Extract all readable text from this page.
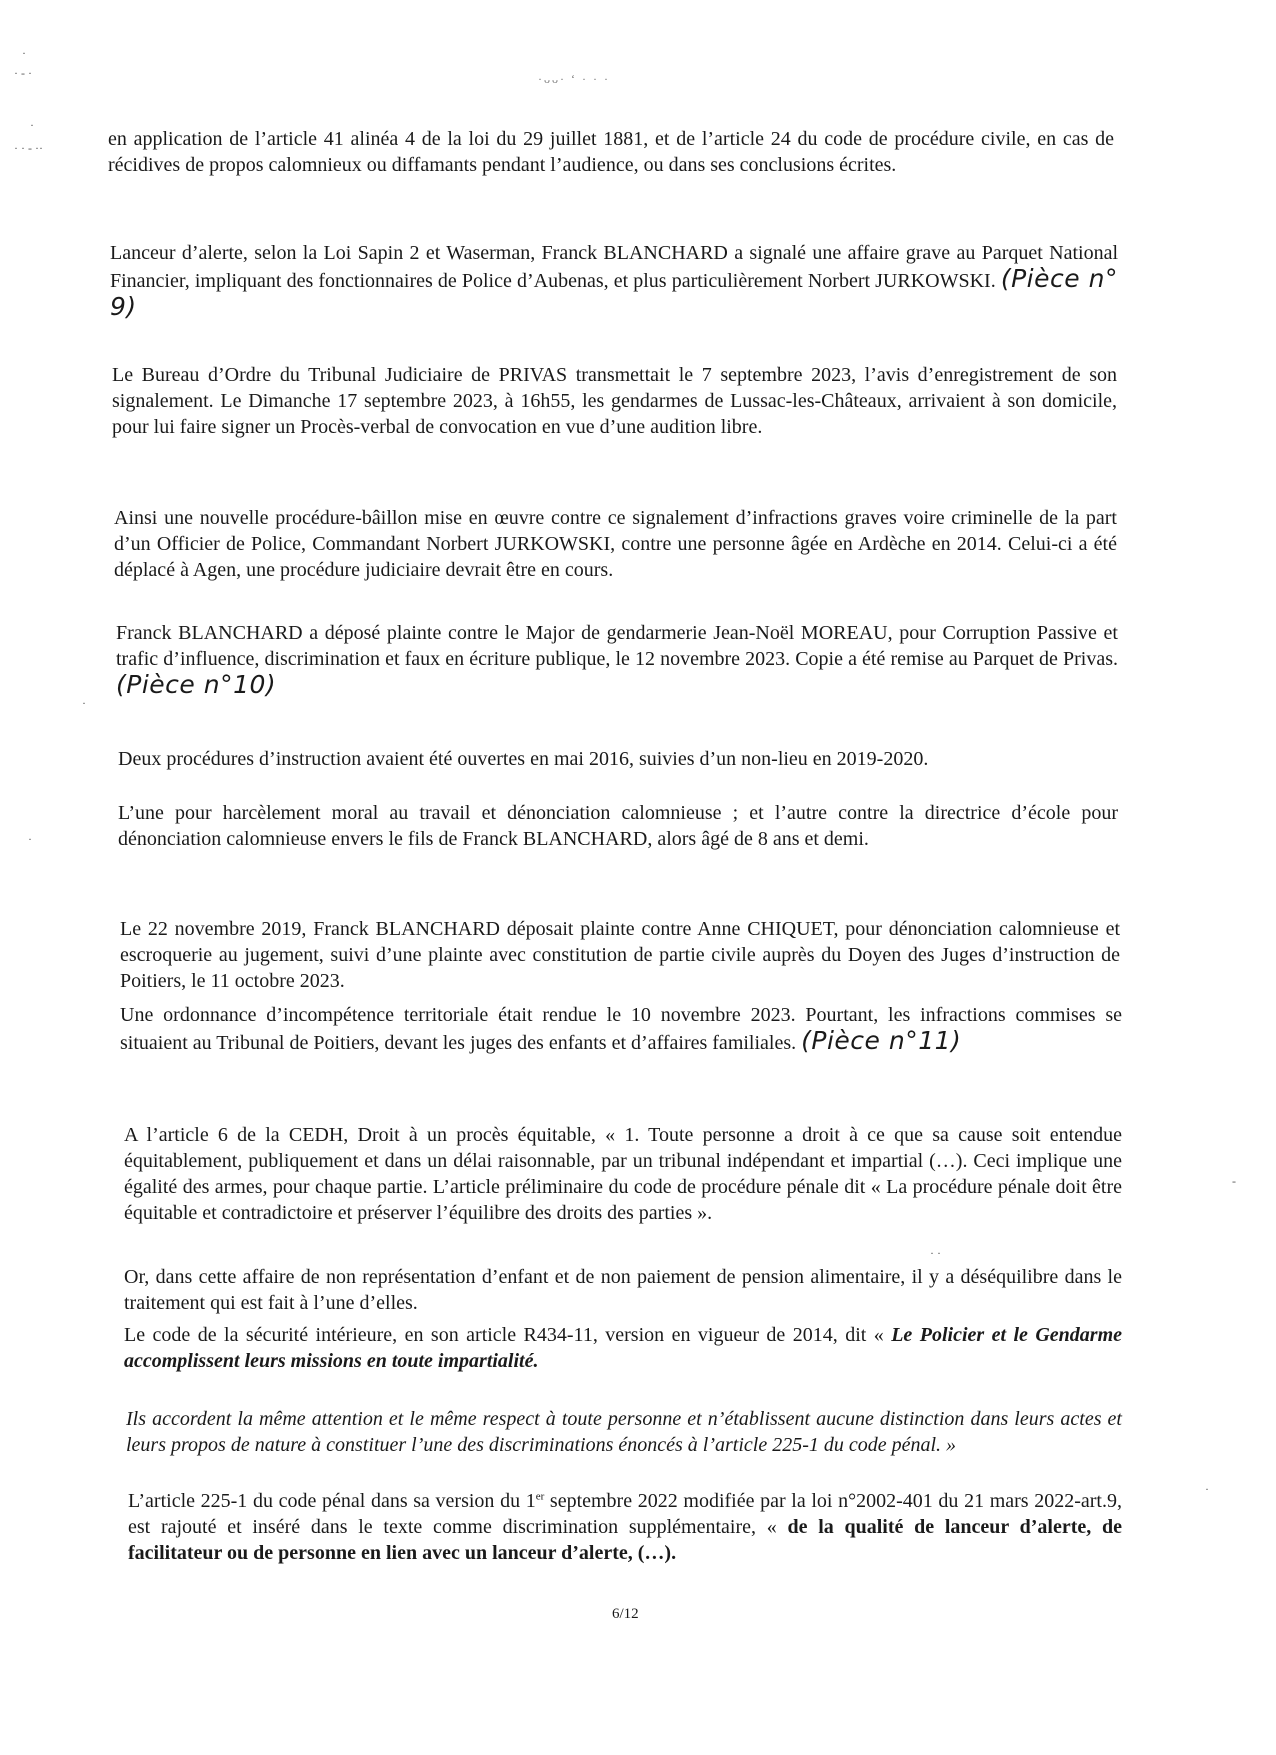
·ᴗᴗ· ‘ · · ·
·
· ‑ ·
·
· · ‑ ··
·
·
‑
·
· ·

en application de l’article 41 alinéa 4 de la loi du 29 juillet 1881, et de l’article 24 du code de procédure civile, en cas de récidives de propos calomnieux ou diffamants pendant l’audience, ou dans ses conclusions écrites.

Lanceur d’alerte, selon la Loi Sapin 2 et Waserman, Franck BLANCHARD a signalé une affaire grave au Parquet National Financier, impliquant des fonctionnaires de Police d’Aubenas, et plus particulièrement Norbert JURKOWSKI. (Pièce n° 9)

Le Bureau d’Ordre du Tribunal Judiciaire de PRIVAS transmettait le 7 septembre 2023, l’avis d’enregistrement de son signalement. Le Dimanche 17 septembre 2023, à 16h55, les gendarmes de Lussac-les-Châteaux, arrivaient à son domicile, pour lui faire signer un Procès-verbal de convocation en vue d’une audition libre.

Ainsi une nouvelle procédure-bâillon mise en œuvre contre ce signalement d’infractions graves voire criminelle de la part d’un Officier de Police, Commandant Norbert JURKOWSKI, contre une personne âgée en Ardèche en 2014. Celui-ci a été déplacé à Agen, une procédure judiciaire devrait être en cours.

Franck BLANCHARD a déposé plainte contre le Major de gendarmerie Jean-Noël MOREAU, pour Corruption Passive et trafic d’influence, discrimination et faux en écriture publique, le 12 novembre 2023. Copie a été remise au Parquet de Privas. (Pièce n°10)

Deux procédures d’instruction avaient été ouvertes en mai 2016, suivies d’un non-lieu en 2019-2020.

L’une pour harcèlement moral au travail et dénonciation calomnieuse ; et l’autre contre la directrice d’école pour dénonciation calomnieuse envers le fils de Franck BLANCHARD, alors âgé de 8 ans et demi.

Le 22 novembre 2019, Franck BLANCHARD déposait plainte contre Anne CHIQUET, pour dénonciation calomnieuse et escroquerie au jugement, suivi d’une plainte avec constitution de partie civile auprès du Doyen des Juges d’instruction de Poitiers, le 11 octobre 2023.

Une ordonnance d’incompétence territoriale était rendue le 10 novembre 2023. Pourtant, les infractions commises se situaient au Tribunal de Poitiers, devant les juges des enfants et d’affaires familiales. (Pièce n°11)

A l’article 6 de la CEDH, Droit à un procès équitable, « 1. Toute personne a droit à ce que sa cause soit entendue équitablement, publiquement et dans un délai raisonnable, par un tribunal indépendant et impartial (…). Ceci implique une égalité des armes, pour chaque partie. L’article préliminaire du code de procédure pénale dit « La procédure pénale doit être équitable et contradictoire et préserver l’équilibre des droits des parties ».

Or, dans cette affaire de non représentation d’enfant et de non paiement de pension alimentaire, il y a déséquilibre dans le traitement qui est fait à l’une d’elles.

Le code de la sécurité intérieure, en son article R434-11, version en vigueur de 2014, dit « Le Policier et le Gendarme accomplissent leurs missions en toute impartialité.

Ils accordent la même attention et le même respect à toute personne et n’établissent aucune distinction dans leurs actes et leurs propos de nature à constituer l’une des discriminations énoncés à l’article 225-1 du code pénal. »

L’article 225-1 du code pénal dans sa version du 1er septembre 2022 modifiée par la loi n°2002-401 du 21 mars 2022-art.9, est rajouté et inséré dans le texte comme discrimination supplémentaire, « de la qualité de lanceur d’alerte, de facilitateur ou de personne en lien avec un lanceur d’alerte, (…).

6/12
